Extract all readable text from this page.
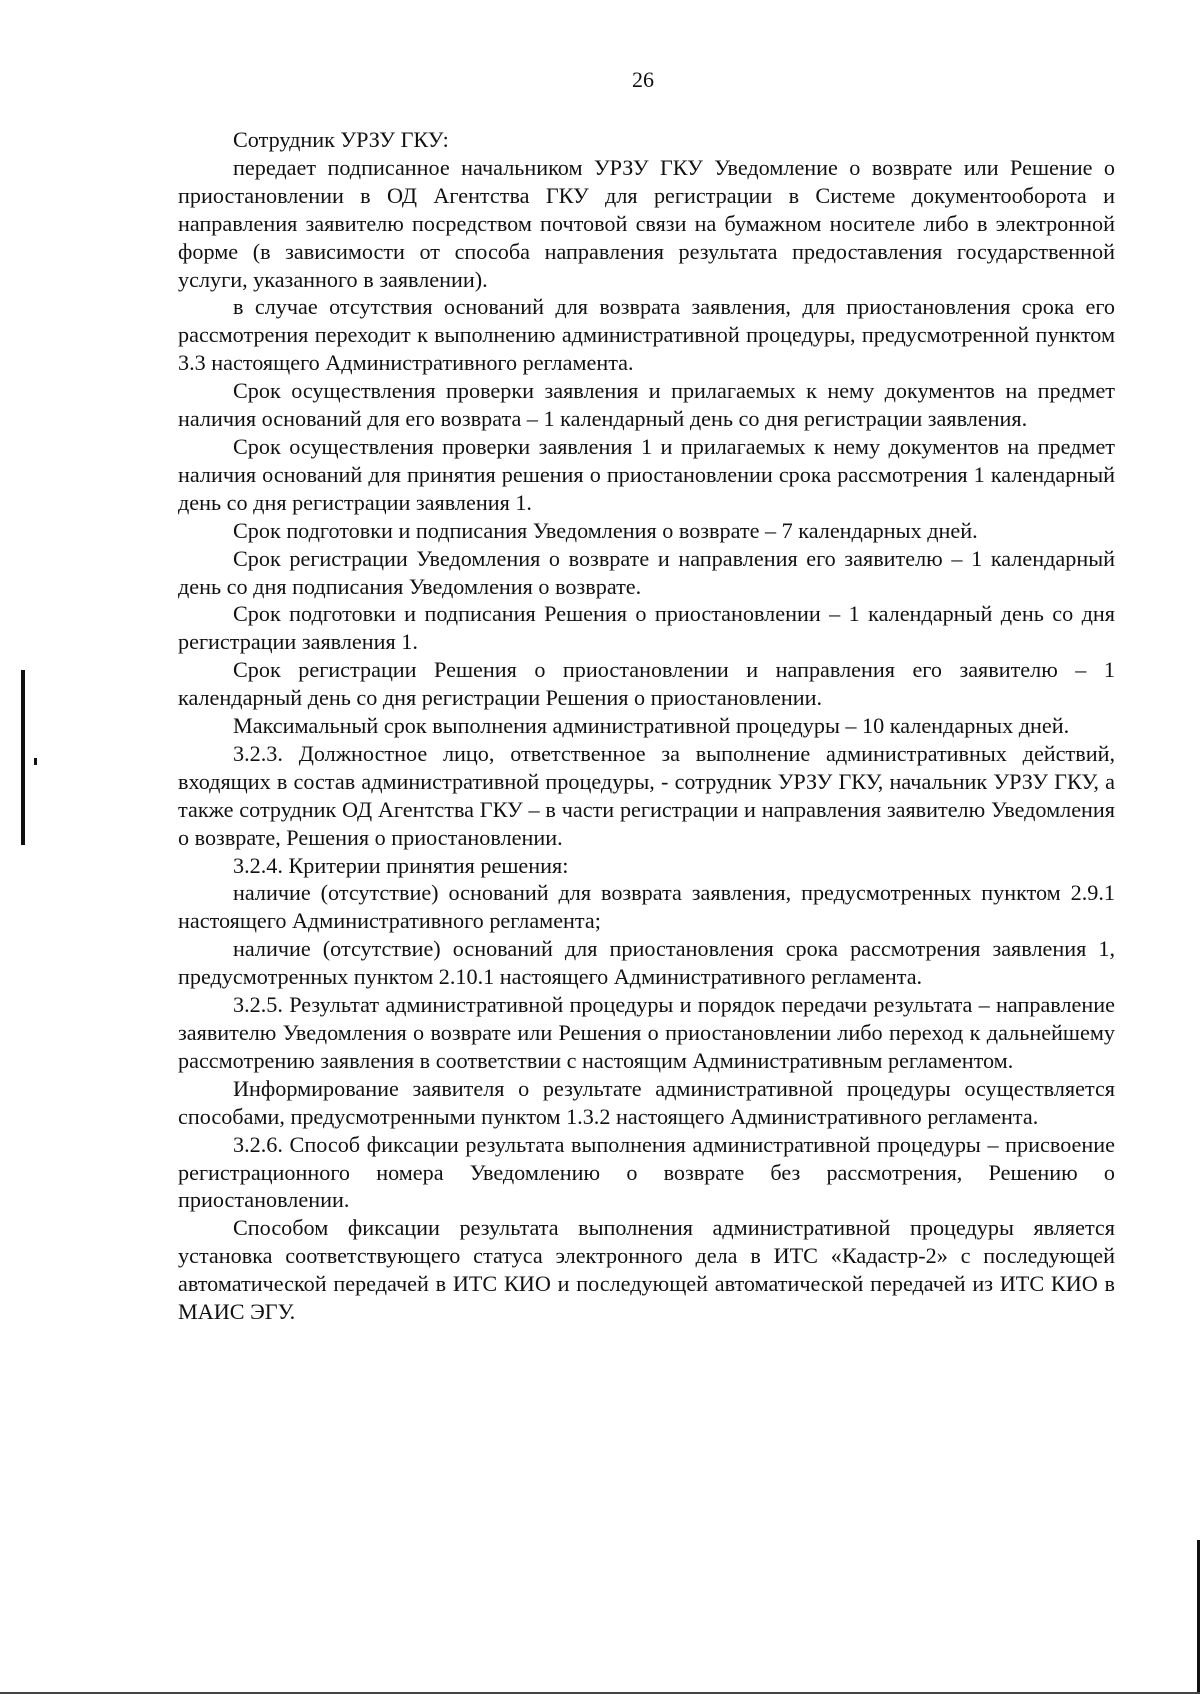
26

Сотрудник УРЗУ ГКУ:

передает подписанное начальником УРЗУ ГКУ Уведомление о возврате или Решение о приостановлении в ОД Агентства ГКУ для регистрации в Системе документооборота и направления заявителю посредством почтовой связи на бумажном носителе либо в электронной форме (в зависимости от способа направления результата предоставления государственной услуги, указанного в заявлении).

в случае отсутствия оснований для возврата заявления, для приостановления срока его рассмотрения переходит к выполнению административной процедуры, предусмотренной пунктом 3.3 настоящего Административного регламента.

Срок осуществления проверки заявления и прилагаемых к нему документов на предмет наличия оснований для его возврата – 1 календарный день со дня регистрации заявления.

Срок осуществления проверки заявления 1 и прилагаемых к нему документов на предмет наличия оснований для принятия решения о приостановлении срока рассмотрения 1 календарный день со дня регистрации заявления 1.

Срок подготовки и подписания Уведомления о возврате – 7 календарных дней.

Срок регистрации Уведомления о возврате и направления его заявителю – 1 календарный день со дня подписания Уведомления о возврате.

Срок подготовки и подписания Решения о приостановлении – 1 календарный день со дня регистрации заявления 1.

Срок регистрации Решения о приостановлении и направления его заявителю – 1 календарный день со дня регистрации Решения о приостановлении.

Максимальный срок выполнения административной процедуры – 10 календарных дней.

3.2.3. Должностное лицо, ответственное за выполнение административных действий, входящих в состав административной процедуры, - сотрудник УРЗУ ГКУ, начальник УРЗУ ГКУ, а также сотрудник ОД Агентства ГКУ – в части регистрации и направления заявителю Уведомления о возврате, Решения о приостановлении.

3.2.4. Критерии принятия решения:

наличие (отсутствие) оснований для возврата заявления, предусмотренных пунктом 2.9.1 настоящего Административного регламента;

наличие (отсутствие) оснований для приостановления срока рассмотрения заявления 1, предусмотренных пунктом 2.10.1 настоящего Административного регламента.

3.2.5. Результат административной процедуры и порядок передачи результата – направление заявителю Уведомления о возврате или Решения о приостановлении либо переход к дальнейшему рассмотрению заявления в соответствии с настоящим Административным регламентом.

Информирование заявителя о результате административной процедуры осуществляется способами, предусмотренными пунктом 1.3.2 настоящего Административного регламента.

3.2.6. Способ фиксации результата выполнения административной процедуры – присвоение регистрационного номера Уведомлению о возврате без рассмотрения, Решению о приостановлении.

Способом фиксации результата выполнения административной процедуры является установка соответствующего статуса электронного дела в ИТС «Кадастр-2» с последующей автоматической передачей в ИТС КИО и последующей автоматической передачей из ИТС КИО в МАИС ЭГУ.
